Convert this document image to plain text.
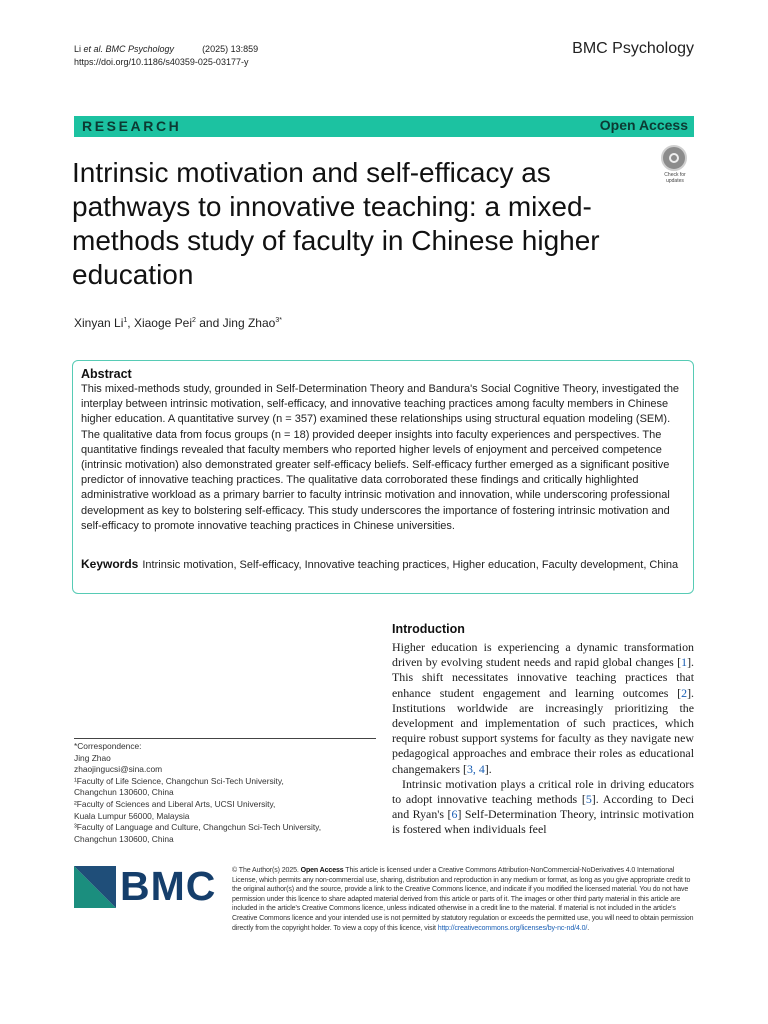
Li et al. BMC Psychology	(2025) 13:859
https://doi.org/10.1186/s40359-025-03177-y
BMC Psychology
RESEARCH	Open Access
Intrinsic motivation and self-efficacy as pathways to innovative teaching: a mixed-methods study of faculty in Chinese higher education
Check for
updates
Xinyan Li$^1$, Xiaoge Pei$^2$ and Jing Zhao$^{3*}$
Abstract

This mixed-methods study, grounded in Self-Determination Theory and Bandura's Social Cognitive Theory, investigated the interplay between intrinsic motivation, self-efficacy, and innovative teaching practices among faculty members in Chinese higher education. A quantitative survey (n = 357) examined these relationships using structural equation modeling (SEM). The qualitative data from focus groups (n = 18) provided deeper insights into faculty experiences and perspectives. The quantitative findings revealed that faculty members who reported higher levels of enjoyment and perceived competence (intrinsic motivation) also demonstrated greater self-efficacy beliefs. Self-efficacy further emerged as a significant positive predictor of innovative teaching practices. The qualitative data corroborated these findings and critically highlighted administrative workload as a primary barrier to faculty intrinsic motivation and innovation, while underscoring professional development as key to bolstering self-efficacy. This study underscores the importance of fostering intrinsic motivation and self-efficacy to promote innovative teaching practices in Chinese universities.

Keywords Intrinsic motivation, Self-efficacy, Innovative teaching practices, Higher education, Faculty development, China
Introduction

Higher education is experiencing a dynamic transformation driven by evolving student needs and rapid global changes [1]. This shift necessitates innovative teaching practices that enhance student engagement and learning outcomes [2]. Institutions worldwide are increasingly prioritizing the development and implementation of such practices, which require robust support systems for faculty as they navigate new pedagogical approaches and embrace their roles as educational changemakers [3, 4].

Intrinsic motivation plays a critical role in driving educators to adopt innovative teaching methods [5]. According to Deci and Ryan's [6] Self-Determination Theory, intrinsic motivation is fostered when individuals feel

*Correspondence:
Jing Zhao
zhaojingucsi@sina.com
¹Faculty of Life Science, Changchun Sci-Tech University,
Changchun 130600, China
²Faculty of Sciences and Liberal Arts, UCSI University,
Kuala Lumpur 56000, Malaysia
³Faculty of Language and Culture, Changchun Sci-Tech University,
Changchun 130600, China
BMC © The Author(s) 2025. Open Access This article is licensed under a Creative Commons Attribution-NonCommercial-NoDerivatives 4.0 International License, which permits any non-commercial use, sharing, distribution and reproduction in any medium or format, as long as you give appropriate credit to the original author(s) and the source, provide a link to the Creative Commons licence, and indicate if you modified the licensed material. You do not have permission under this licence to share adapted material derived from this article or parts of it. The images or other third party material in this article are included in the article's Creative Commons licence, unless indicated otherwise in a credit line to the material. If material is not included in the article's Creative Commons licence and your intended use is not permitted by statutory regulation or exceeds the permitted use, you will need to obtain permission directly from the copyright holder. To view a copy of this licence, visit http://creativecommons.org/licenses/by-nc-nd/4.0/.
